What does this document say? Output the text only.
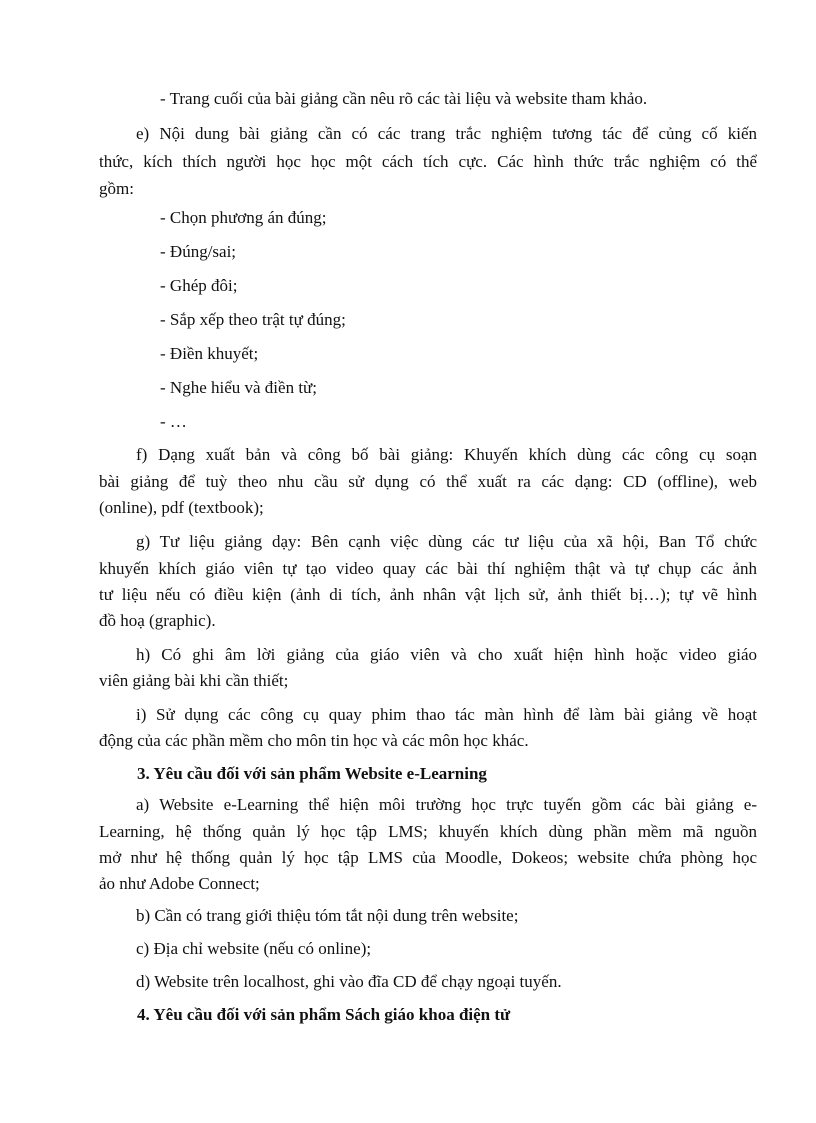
- Trang cuối của bài giảng cần nêu rõ các tài liệu và website tham khảo.
e) Nội dung bài giảng cần có các trang trắc nghiệm tương tác để củng cố kiến
thức, kích thích người học học một cách tích cực. Các hình thức trắc nghiệm có thể
gồm:
- Chọn phương án đúng;
- Đúng/sai;
- Ghép đôi;
- Sắp xếp theo trật tự đúng;
- Điền khuyết;
- Nghe hiểu và điền từ;
- …
f) Dạng xuất bản và công bố bài giảng: Khuyến khích dùng các công cụ soạn
bài giảng để tuỳ theo nhu cầu sử dụng có thể xuất ra các dạng: CD (offline), web
(online), pdf (textbook);
g) Tư liệu giảng dạy: Bên cạnh việc dùng các tư liệu của xã hội, Ban Tổ chức
khuyến khích giáo viên tự tạo video quay các bài thí nghiệm thật và tự chụp các ảnh
tư liệu nếu có điều kiện (ảnh di tích, ảnh nhân vật lịch sử, ảnh thiết bị…); tự vẽ hình
đồ hoạ (graphic).
h) Có ghi âm lời giảng của giáo viên và cho xuất hiện hình hoặc video giáo
viên giảng bài khi cần thiết;
i) Sử dụng các công cụ quay phim thao tác màn hình để làm bài giảng về hoạt
động của các phần mềm cho môn tin học và các môn học khác.
3. Yêu cầu đối với sản phẩm Website e-Learning
a) Website e-Learning thể hiện môi trường học trực tuyến gồm các bài giảng e-
Learning, hệ thống quản lý học tập LMS; khuyến khích dùng phần mềm mã nguồn
mở như hệ thống quản lý học tập LMS của Moodle, Dokeos; website chứa phòng học
ảo như Adobe Connect;
b) Cần có trang giới thiệu tóm tắt nội dung trên website;
c) Địa chỉ website (nếu có online);
d) Website trên localhost, ghi vào đĩa CD để chạy ngoại tuyến.
4. Yêu cầu đối với sản phẩm Sách giáo khoa điện tử
